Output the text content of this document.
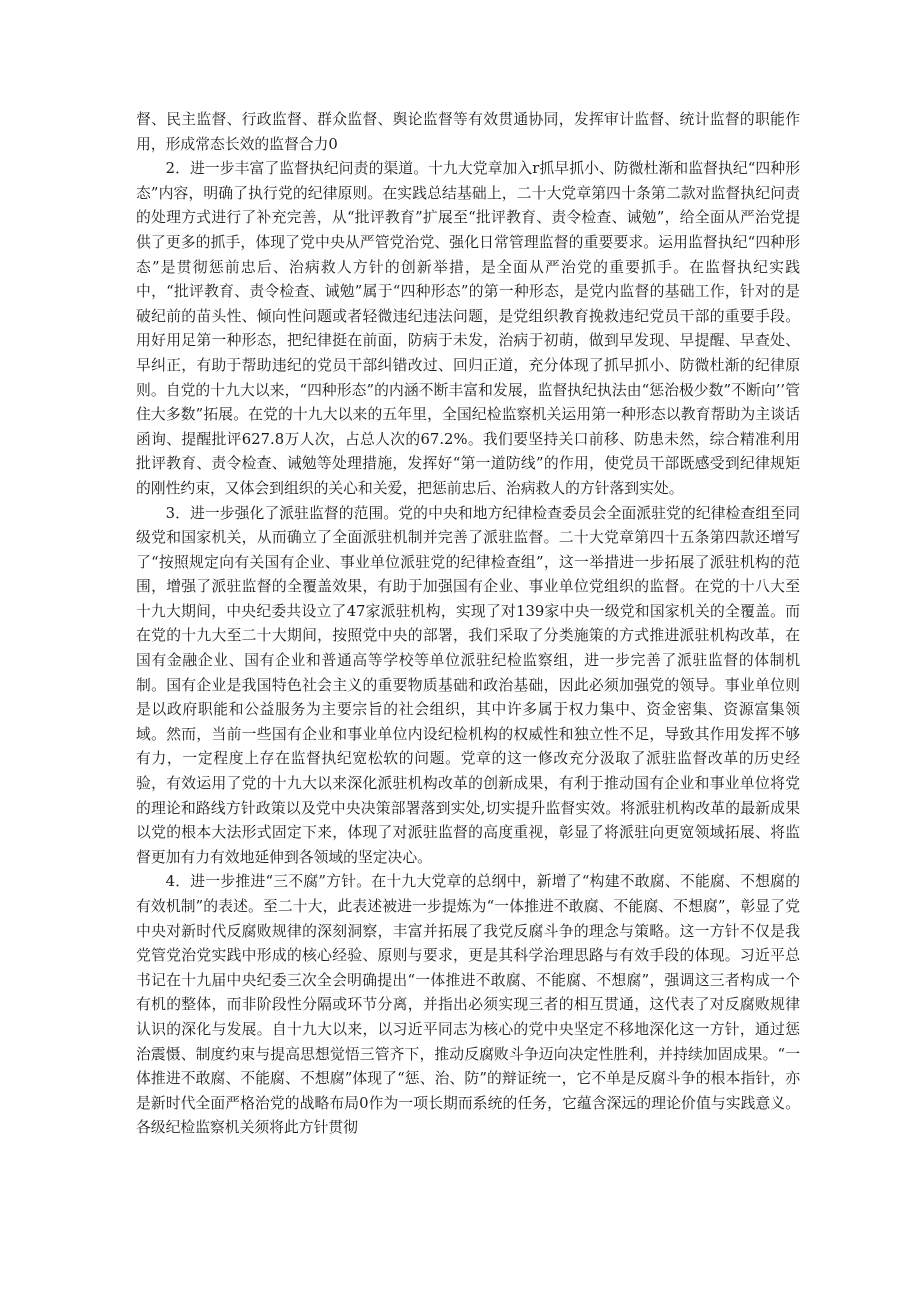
督、民主监督、行政监督、群众监督、舆论监督等有效贯通协同，发挥审计监督、统计监督的职能作用，形成常态长效的监督合力0

2．进一步丰富了监督执纪问责的渠道。十九大党章加入r抓早抓小、防微杜渐和监督执纪“四种形态”内容，明确了执行党的纪律原则。在实践总结基础上，二十大党章第四十条第二款对监督执纪问责的处理方式进行了补充完善，从“批评教育”扩展至“批评教育、责令检查、诫勉”，给全面从严治党提供了更多的抓手，体现了党中央从严管党治党、强化日常管理监督的重要要求。运用监督执纪“四种形态”是贯彻惩前忠后、治病救人方针的创新举措，是全面从严治党的重要抓手。在监督执纪实践中，“批评教育、责令检查、诫勉”属于“四种形态”的第一种形态，是党内监督的基础工作，针对的是破纪前的苗头性、倾向性问题或者轻微违纪违法问题，是党组织教育挽救违纪党员干部的重要手段。用好用足第一种形态，把纪律挺在前面，防病于未发，治病于初萌，做到早发现、早提醒、早查处、早纠正，有助于帮助违纪的党员干部纠错改过、回归正道，充分体现了抓早抓小、防微杜渐的纪律原则。自党的十九大以来，“四种形态”的内涵不断丰富和发展，监督执纪执法由“惩治极少数”不断向’’管住大多数”拓展。在党的十九大以来的五年里，全国纪检监察机关运用第一种形态以教育帮助为主谈话函询、提醒批评627.8万人次，占总人次的67.2%。我们要坚持关口前移、防患未然，综合精准利用批评教育、责令检查、诫勉等处理措施，发挥好“第一道防线”的作用，使党员干部既感受到纪律规矩的刚性约束，又体会到组织的关心和关爱，把惩前忠后、治病救人的方针落到实处。

3．进一步强化了派驻监督的范围。党的中央和地方纪律检查委员会全面派驻党的纪律检查组至同级党和国家机关，从而确立了全面派驻机制并完善了派驻监督。二十大党章第四十五条第四款还增写了“按照规定向有关国有企业、事业单位派驻党的纪律检查组”，这一举措进一步拓展了派驻机构的范围，增强了派驻监督的全覆盖效果，有助于加强国有企业、事业单位党组织的监督。在党的十八大至十九大期间，中央纪委共设立了47家派驻机构，实现了对139家中央一级党和国家机关的全覆盖。而在党的十九大至二十大期间，按照党中央的部署，我们采取了分类施策的方式推进派驻机构改革，在国有金融企业、国有企业和普通高等学校等单位派驻纪检监察组，进一步完善了派驻监督的体制机制。国有企业是我国特色社会主义的重要物质基础和政治基础，因此必须加强党的领导。事业单位则是以政府职能和公益服务为主要宗旨的社会组织，其中许多属于权力集中、资金密集、资源富集领域。然而，当前一些国有企业和事业单位内设纪检机构的权威性和独立性不足，导致其作用发挥不够有力，一定程度上存在监督执纪宽松软的问题。党章的这一修改充分汲取了派驻监督改革的历史经验，有效运用了党的十九大以来深化派驻机构改革的创新成果，有利于推动国有企业和事业单位将党的理论和路线方针政策以及党中央决策部署落到实处,切实提升监督实效。将派驻机构改革的最新成果以党的根本大法形式固定下来，体现了对派驻监督的高度重视，彰显了将派驻向更宽领域拓展、将监督更加有力有效地延伸到各领域的坚定决心。

4．进一步推进“三不腐”方针。在十九大党章的总纲中，新增了“构建不敢腐、不能腐、不想腐的有效机制”的表述。至二十大，此表述被进一步提炼为“一体推进不敢腐、不能腐、不想腐”，彰显了党中央对新时代反腐败规律的深刻洞察，丰富并拓展了我党反腐斗争的理念与策略。这一方针不仅是我党管党治党实践中形成的核心经验、原则与要求，更是其科学治理思路与有效手段的体现。习近平总书记在十九届中央纪委三次全会明确提出“一体推进不敢腐、不能腐、不想腐”，强调这三者构成一个有机的整体，而非阶段性分隔或环节分离，并指出必须实现三者的相互贯通，这代表了对反腐败规律认识的深化与发展。自十九大以来，以习近平同志为核心的党中央坚定不移地深化这一方针，通过惩治震慑、制度约束与提高思想觉悟三管齐下，推动反腐败斗争迈向决定性胜利，并持续加固成果。“一体推进不敢腐、不能腐、不想腐”体现了“惩、治、防”的辩证统一，它不单是反腐斗争的根本指针，亦是新时代全面严格治党的战略布局0作为一项长期而系统的任务，它蕴含深远的理论价值与实践意义。各级纪检监察机关须将此方针贯彻
